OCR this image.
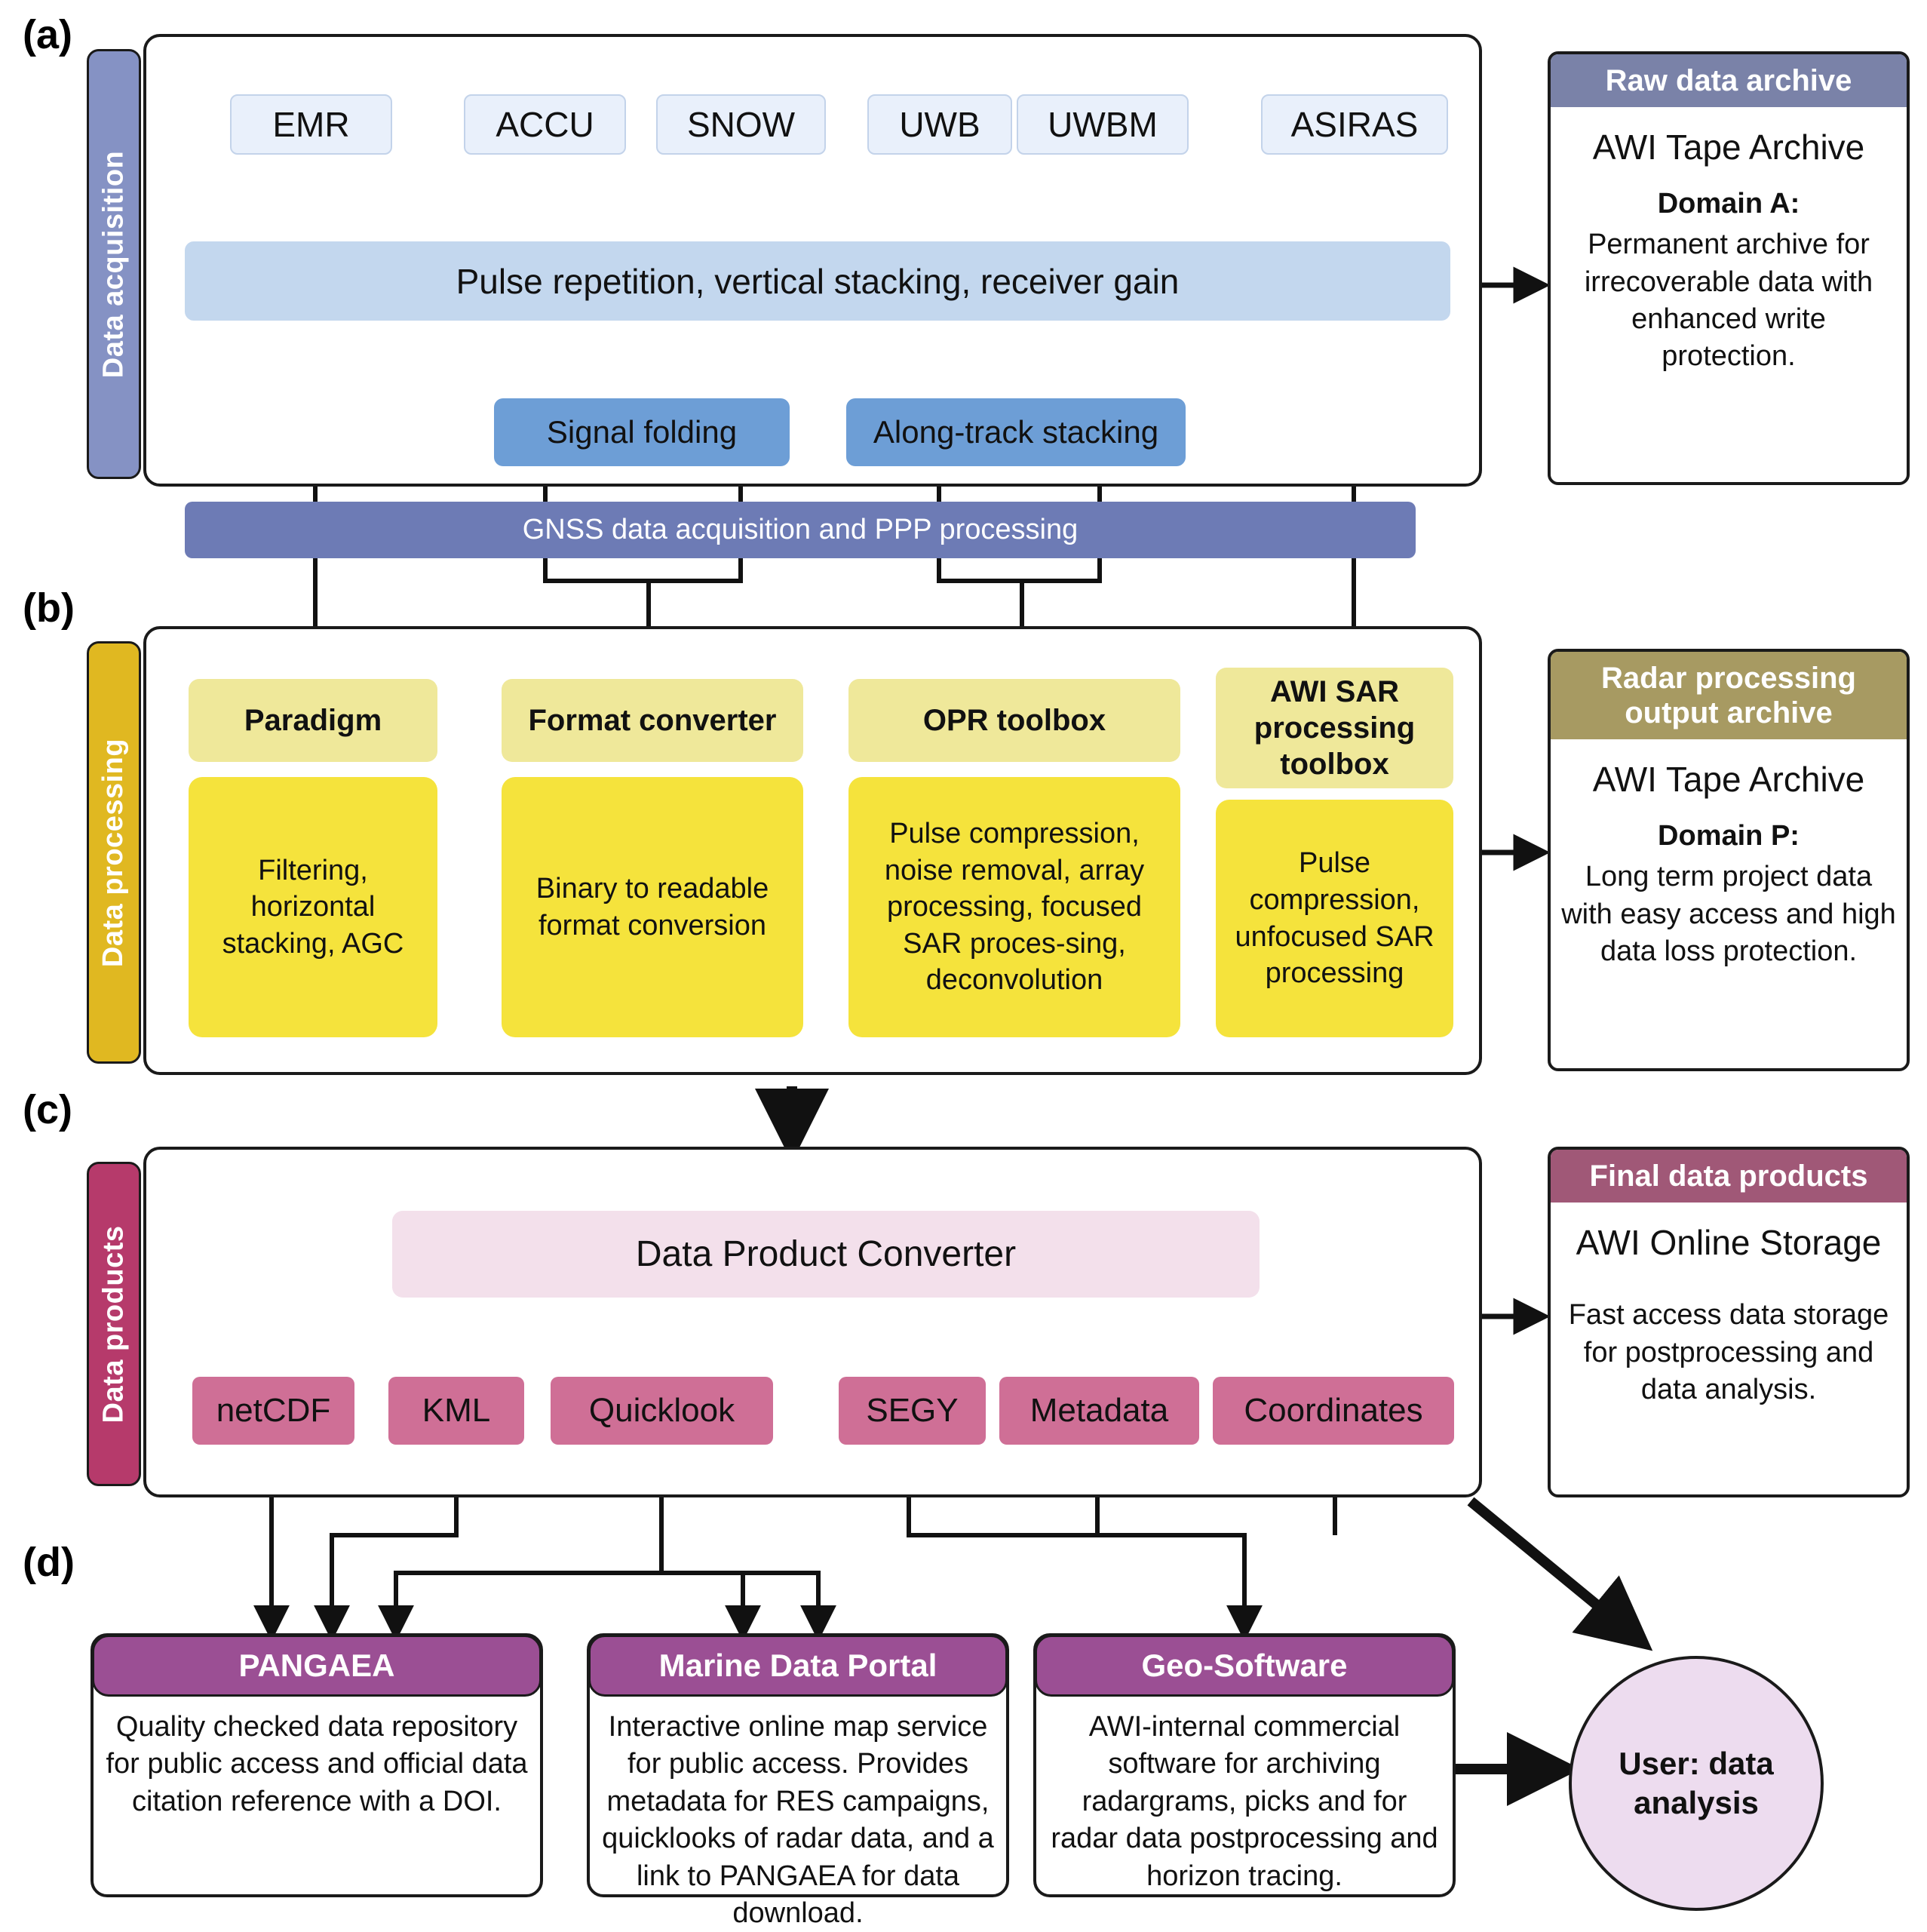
(a)
(b)
(c)
(d)
Data acquisition
EMR	ACCU	SNOW	UWB	UWBM	ASIRAS
Pulse repetition, vertical stacking, receiver gain
Signal folding	Along-track stacking
GNSS data acquisition and PPP processing
Data processing
Paradigm
Filtering, horizontal stacking, AGC
Format converter
Binary to readable format conversion
OPR toolbox
Pulse compression, noise removal, array processing, focused SAR proces-sing, deconvolution
AWI SAR processing toolbox
Pulse compression, unfocused SAR processing
Data products	Data Product Converter
netCDF	KML	Quicklook	SEGY	Metadata	Coordinates
Raw data archive
AWI Tape Archive
Domain A:
Permanent archive for irrecoverable data with enhanced write protection.
Radar processing output archive
AWI Tape Archive
Domain P:
Long term project data with easy access and high data loss protection.
Final data products
AWI Online Storage
Fast access data storage for postprocessing and data analysis.
PANGAEA
Quality checked data repository for public access and official data citation reference with a DOI.
Marine Data Portal
Interactive online map service for public access. Provides metadata for RES campaigns, quicklooks of radar data, and a link to PANGAEA for data download.
Geo-Software
AWI-internal commercial software for archiving radargrams, picks and for radar data postprocessing and horizon tracing.
User: data analysis
